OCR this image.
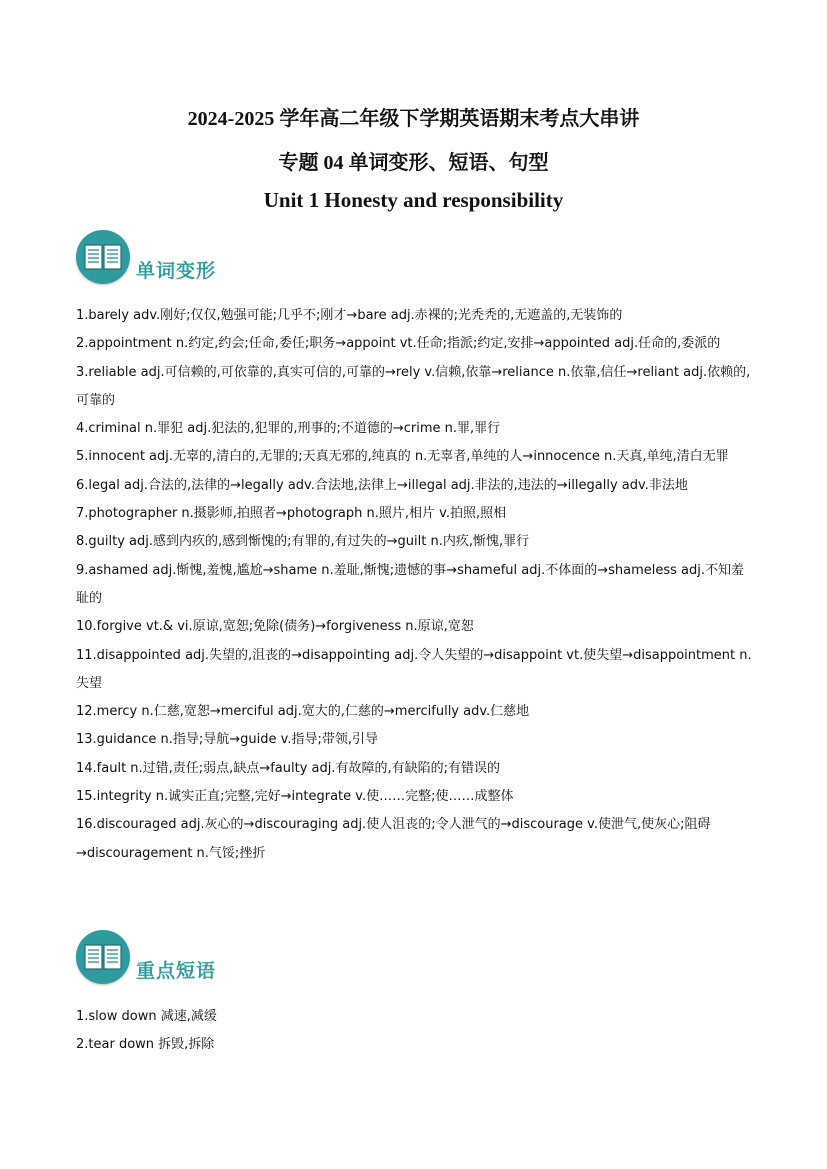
2024-2025 学年高二年级下学期英语期末考点大串讲
专题 04 单词变形、短语、句型
Unit 1 Honesty and responsibility
单词变形

1.barely adv.刚好;仅仅,勉强可能;几乎不;刚才→bare adj.赤裸的;光秃秃的,无遮盖的,无装饰的

2.appointment n.约定,约会;任命,委任;职务→appoint vt.任命;指派;约定,安排→appointed adj.任命的,委派的

3.reliable adj.可信赖的,可依靠的,真实可信的,可靠的→rely v.信赖,依靠→reliance n.依靠,信任→reliant adj.依赖的,可靠的

4.criminal n.罪犯 adj.犯法的,犯罪的,刑事的;不道德的→crime n.罪,罪行

5.innocent adj.无辜的,清白的,无罪的;天真无邪的,纯真的 n.无辜者,单纯的人→innocence n.天真,单纯,清白无罪

6.legal adj.合法的,法律的→legally adv.合法地,法律上→illegal adj.非法的,违法的→illegally adv.非法地

7.photographer n.摄影师,拍照者→photograph n.照片,相片 v.拍照,照相

8.guilty adj.感到内疚的,感到惭愧的;有罪的,有过失的→guilt n.内疚,惭愧,罪行

9.ashamed adj.惭愧,羞愧,尴尬→shame n.羞耻,惭愧;遗憾的事→shameful adj.不体面的→shameless adj.不知羞耻的

10.forgive vt.& vi.原谅,宽恕;免除(债务)→forgiveness n.原谅,宽恕

11.disappointed adj.失望的,沮丧的→disappointing adj.令人失望的→disappoint vt.使失望→disappointment n.失望

12.mercy n.仁慈,宽恕→merciful adj.宽大的,仁慈的→mercifully adv.仁慈地

13.guidance n.指导;导航→guide v.指导;带领,引导

14.fault n.过错,责任;弱点,缺点→faulty adj.有故障的,有缺陷的;有错误的

15.integrity n.诚实正直;完整,完好→integrate v.使……完整;使……成整体

16.discouraged adj.灰心的→discouraging adj.使人沮丧的;令人泄气的→discourage v.使泄气,使灰心;阻碍→discouragement n.气馁;挫折

重点短语

1.slow down 减速,减缓

2.tear down 拆毁,拆除
